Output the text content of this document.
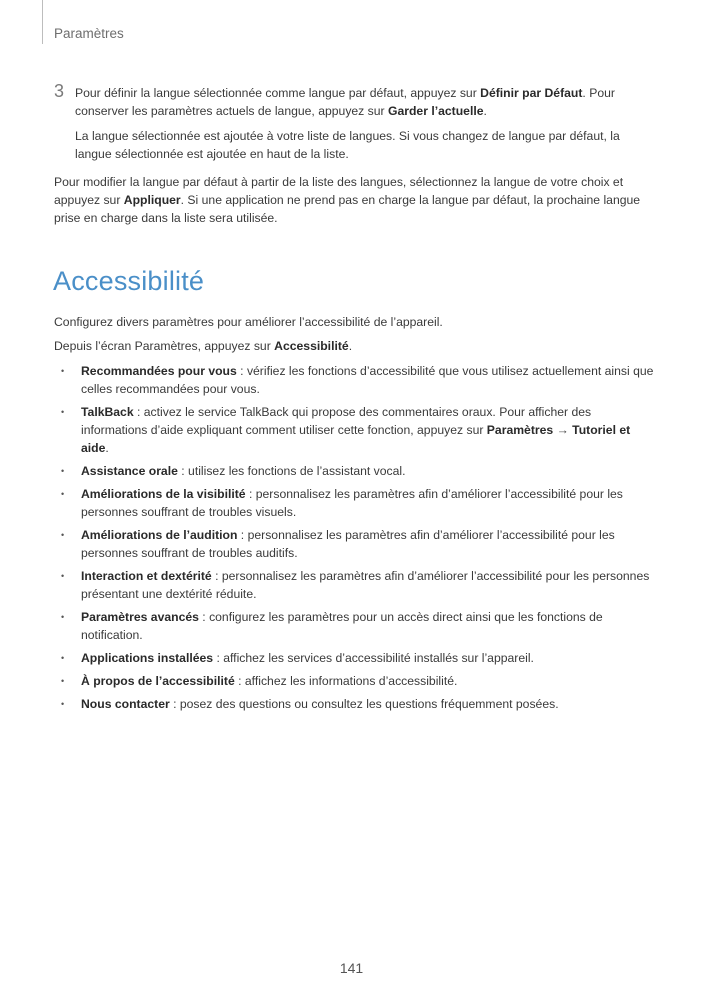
Paramètres
3 Pour définir la langue sélectionnée comme langue par défaut, appuyez sur Définir par Défaut. Pour conserver les paramètres actuels de langue, appuyez sur Garder l’actuelle.

La langue sélectionnée est ajoutée à votre liste de langues. Si vous changez de langue par défaut, la langue sélectionnée est ajoutée en haut de la liste.

Pour modifier la langue par défaut à partir de la liste des langues, sélectionnez la langue de votre choix et appuyez sur Appliquer. Si une application ne prend pas en charge la langue par défaut, la prochaine langue prise en charge dans la liste sera utilisée.

Accessibilité

Configurez divers paramètres pour améliorer l’accessibilité de l’appareil.

Depuis l’écran Paramètres, appuyez sur Accessibilité.

• Recommandées pour vous : vérifiez les fonctions d’accessibilité que vous utilisez actuellement ainsi que celles recommandées pour vous.
• TalkBack : activez le service TalkBack qui propose des commentaires oraux. Pour afficher des informations d’aide expliquant comment utiliser cette fonction, appuyez sur Paramètres → Tutoriel et aide.
• Assistance orale : utilisez les fonctions de l’assistant vocal.
• Améliorations de la visibilité : personnalisez les paramètres afin d’améliorer l’accessibilité pour les personnes souffrant de troubles visuels.
• Améliorations de l’audition : personnalisez les paramètres afin d’améliorer l’accessibilité pour les personnes souffrant de troubles auditifs.
• Interaction et dextérité : personnalisez les paramètres afin d’améliorer l’accessibilité pour les personnes présentant une dextérité réduite.
• Paramètres avancés : configurez les paramètres pour un accès direct ainsi que les fonctions de notification.
• Applications installées : affichez les services d’accessibilité installés sur l’appareil.
• À propos de l’accessibilité : affichez les informations d’accessibilité.
• Nous contacter : posez des questions ou consultez les questions fréquemment posées.
141
